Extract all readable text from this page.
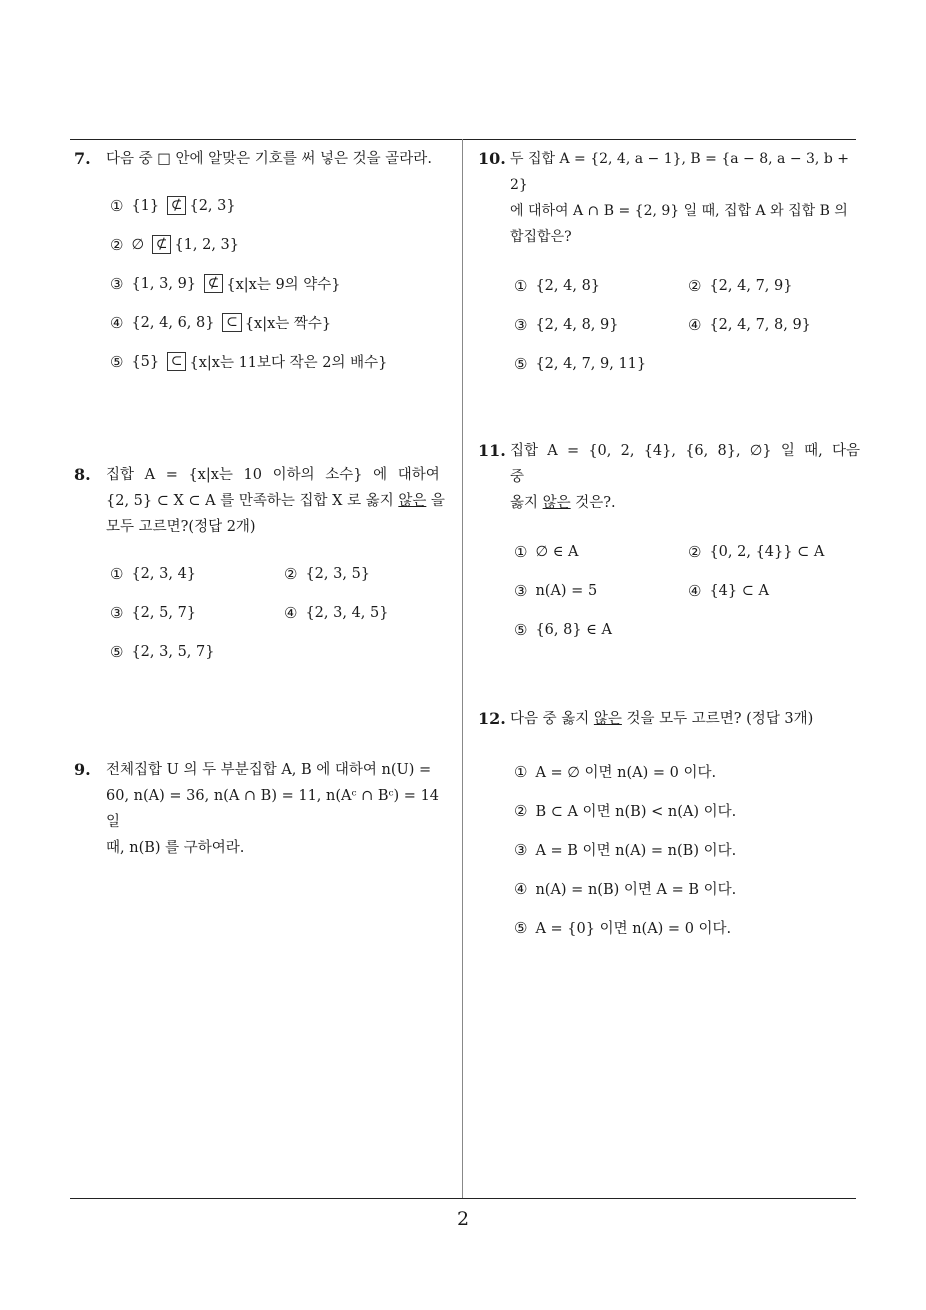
7.	다음 중 □ 안에 알맞은 기호를 써 넣은 것을 골라라.
① {1}
⊄ {2, 3}
② ∅
⊄ {1, 2, 3}
③ {1, 3, 9}
⊄ {x|x는 9의 약수}
④ {2, 4, 6, 8}
⊂ {x|x는 짝수}
⑤ {5}
⊂ {x|x는 11보다 작은 2의 배수}
8.	집합 A = {x|x는 10 이하의 소수} 에 대하여
{2, 5} ⊂ X ⊂ A 를 만족하는 집합 X 로 옳지 않은 을
모두 고르면?(정답 2개)
① {2, 3, 4}	② {2, 3, 5}
③ {2, 5, 7}	④ {2, 3, 4, 5}
⑤ {2, 3, 5, 7}
9.	전체집합 U 의 두 부분집합 A, B 에 대하여 n(U) =
60, n(A) = 36, n(A ∩ B) = 11, n(Aᶜ ∩ Bᶜ) = 14 일
때, n(B) 를 구하여라.
10. 두 집합 A = {2, 4, a − 1}, B = {a − 8, a − 3, b + 2}
에 대하여 A ∩ B = {2, 9} 일 때, 집합 A 와 집합 B 의
합집합은?
① {2, 4, 8}	② {2, 4, 7, 9}
③ {2, 4, 8, 9}	④ {2, 4, 7, 8, 9}
⑤ {2, 4, 7, 9, 11}
11. 집합 A = {0, 2, {4}, {6, 8}, ∅} 일 때, 다음 중
옳지 않은 것은?.
① ∅ ∈ A	② {0, 2, {4}} ⊂ A
③ n(A) = 5	④ {4} ⊂ A
⑤ {6, 8} ∈ A
12. 다음 중 옳지 않은 것을 모두 고르면? (정답 3개)
① A = ∅ 이면 n(A) = 0 이다.
② B ⊂ A 이면 n(B) < n(A) 이다.
③ A = B 이면 n(A) = n(B) 이다.
④ n(A) = n(B) 이면 A = B 이다.
⑤ A = {0} 이면 n(A) = 0 이다.
2
